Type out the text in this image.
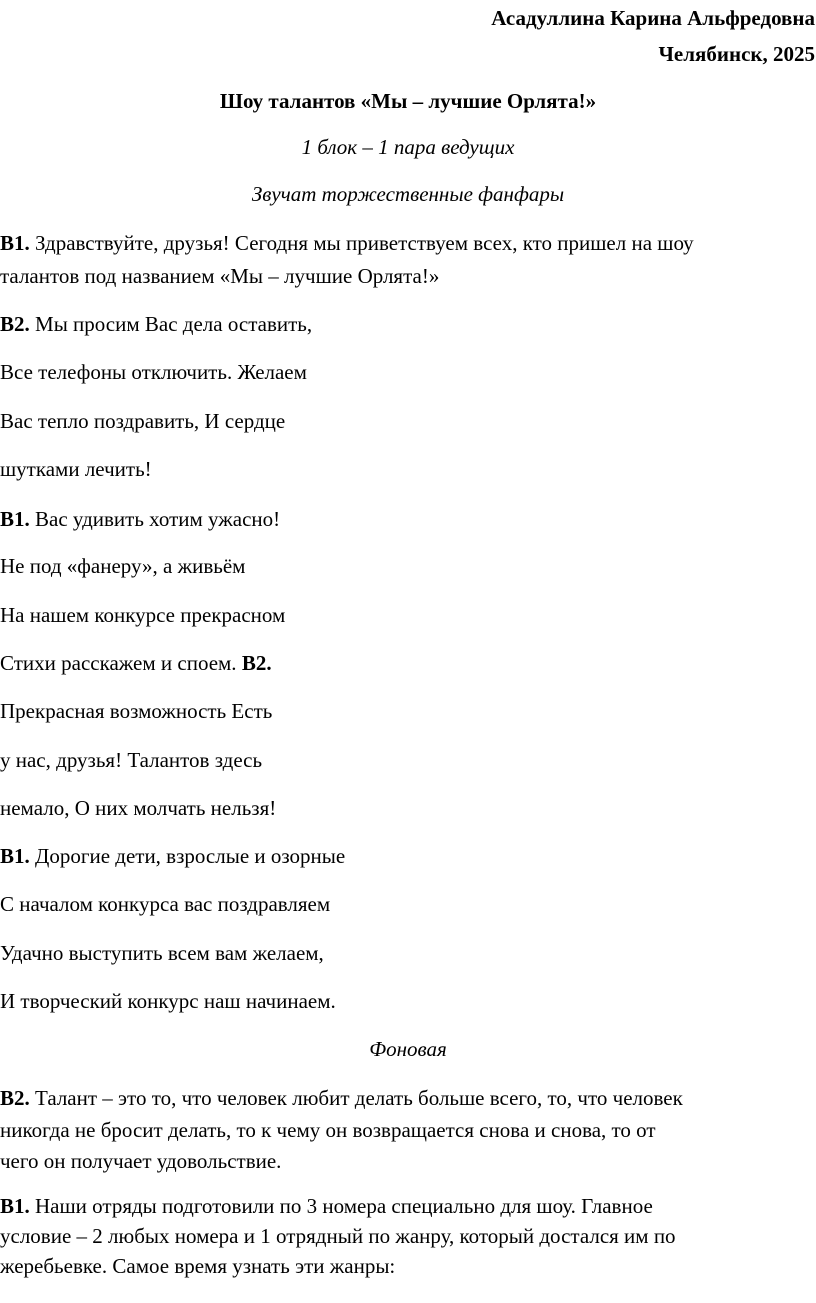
Асадуллина Карина Альфредовна
Челябинск, 2025
Шоу талантов «Мы – лучшие Орлята!»
1 блок – 1 пара ведущих
Звучат торжественные фанфары
В1. Здравствуйте, друзья! Сегодня мы приветствуем всех, кто пришел на шоу
талантов под названием «Мы – лучшие Орлята!»
В2. Мы просим Вас дела оставить,
Все телефоны отключить. Желаем
Вас тепло поздравить, И сердце
шутками лечить!
В1. Вас удивить хотим ужасно!
Не под «фанеру», а живьём
На нашем конкурсе прекрасном
Стихи расскажем и споем. В2.
Прекрасная возможность Есть
у нас, друзья! Талантов здесь
немало, О них молчать нельзя!
В1. Дорогие дети, взрослые и озорные
С началом конкурса вас поздравляем
Удачно выступить всем вам желаем,
И творческий конкурс наш начинаем.
Фоновая
В2. Талант – это то, что человек любит делать больше всего, то, что человек
никогда не бросит делать, то к чему он возвращается снова и снова, то от
чего он получает удовольствие.
В1. Наши отряды подготовили по 3 номера специально для шоу. Главное
условие – 2 любых номера и 1 отрядный по жанру, который достался им по
жеребьевке. Самое время узнать эти жанры:
